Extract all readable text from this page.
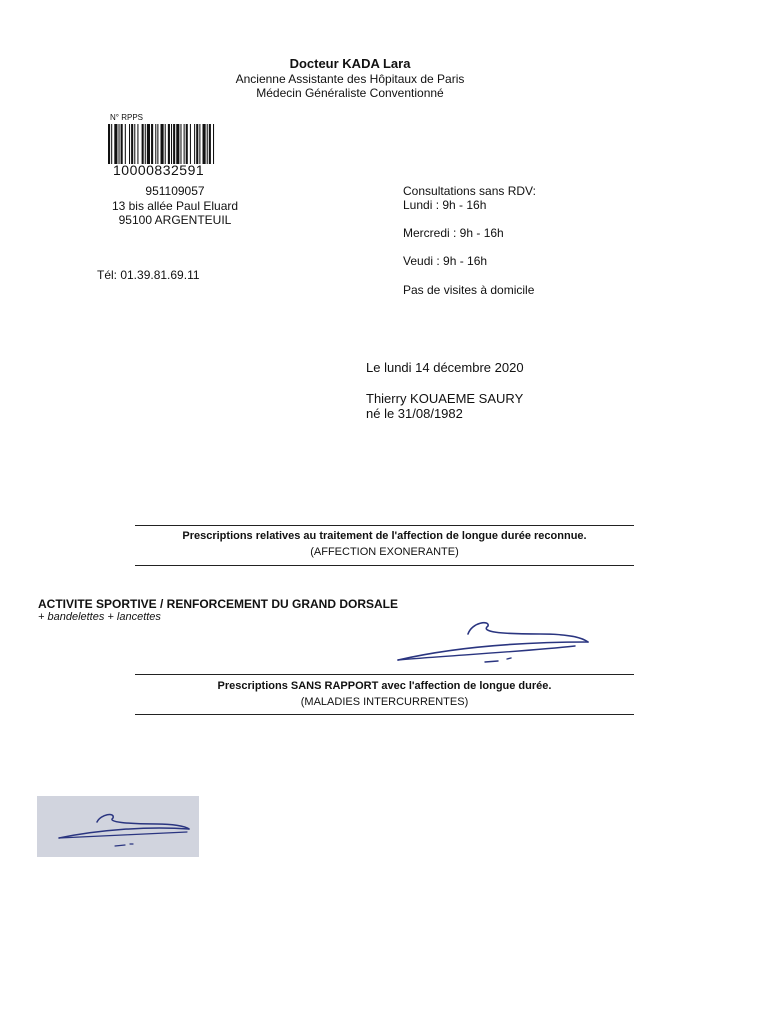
Docteur KADA Lara
Ancienne Assistante des Hôpitaux de Paris
Médecin Généraliste Conventionné
N° RPPS
10000832591
951109057
13 bis allée Paul Eluard
95100 ARGENTEUIL
Tél: 01.39.81.69.11
Consultations sans RDV:
Lundi : 9h - 16h
Mercredi : 9h - 16h
Veudi : 9h - 16h
Pas de visites à domicile
Le lundi 14 décembre 2020
Thierry KOUAEME SAURY
né le 31/08/1982
Prescriptions relatives au traitement de l'affection de longue durée reconnue.
(AFFECTION EXONERANTE)
ACTIVITE SPORTIVE / RENFORCEMENT DU GRAND DORSALE
+ bandelettes + lancettes
Prescriptions SANS RAPPORT avec l'affection de longue durée.
(MALADIES INTERCURRENTES)
